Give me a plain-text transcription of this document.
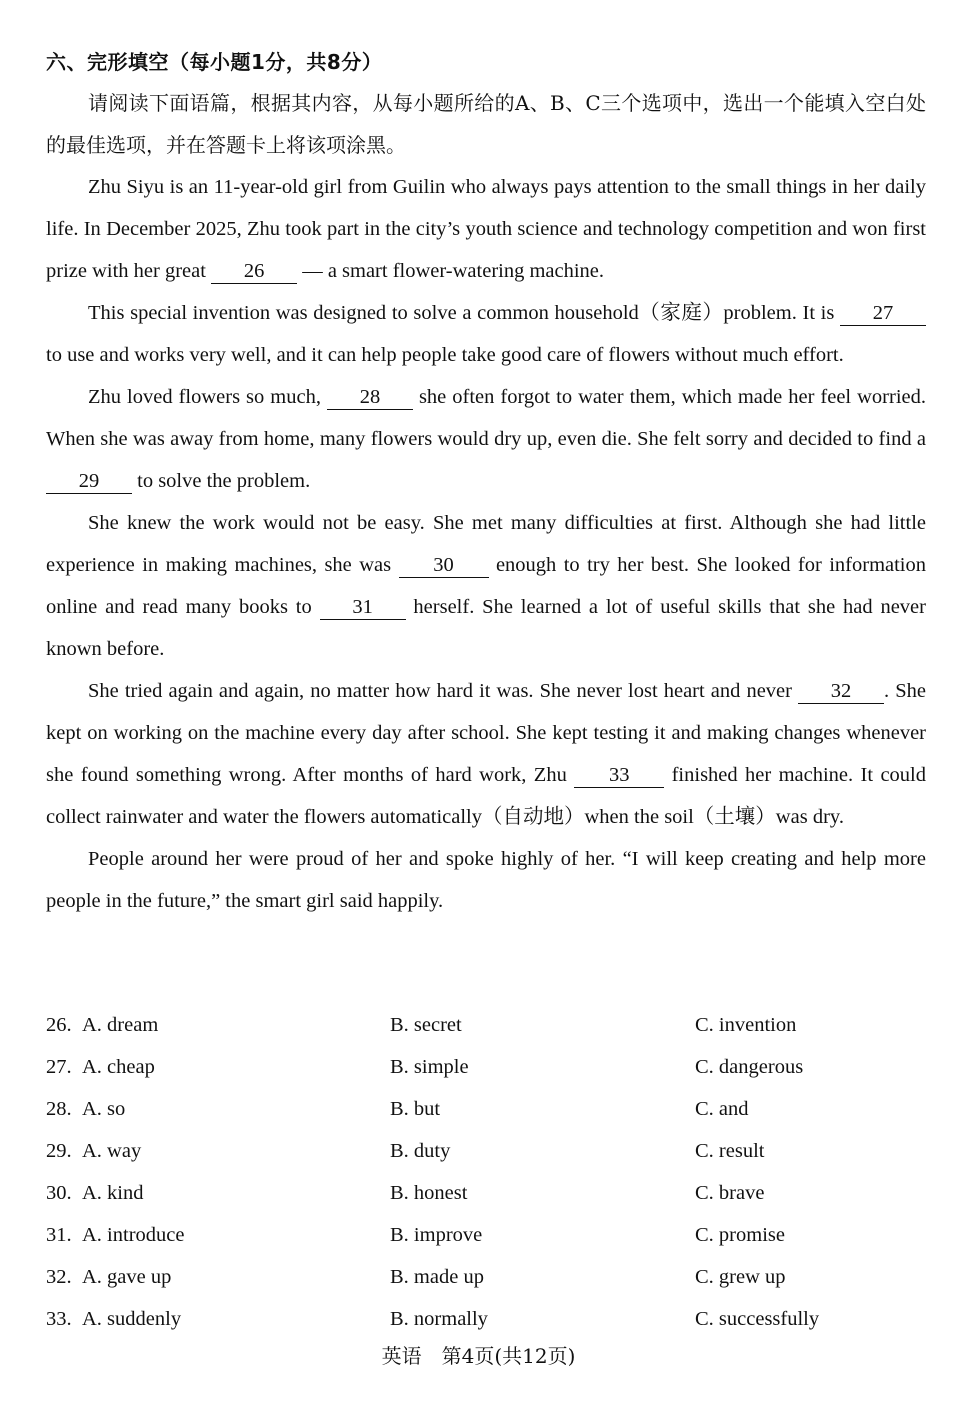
六、完形填空（每小题1分，共8分）

请阅读下面语篇，根据其内容，从每小题所给的A、B、C三个选项中，选出一个能填入空白处的最佳选项，并在答题卡上将该项涂黑。

Zhu Siyu is an 11-year-old girl from Guilin who always pays attention to the small things in her daily life. In December 2025, Zhu took part in the city’s youth science and technology competition and won first prize with her great 26 — a smart flower-watering machine.

This special invention was designed to solve a common household（家庭）problem. It is 27 to use and works very well, and it can help people take good care of flowers without much effort.

Zhu loved flowers so much, 28 she often forgot to water them, which made her feel worried. When she was away from home, many flowers would dry up, even die. She felt sorry and decided to find a 29 to solve the problem.

She knew the work would not be easy. She met many difficulties at first. Although she had little experience in making machines, she was 30 enough to try her best. She looked for information online and read many books to 31 herself. She learned a lot of useful skills that she had never known before.

She tried again and again, no matter how hard it was. She never lost heart and never 32 . She kept on working on the machine every day after school. She kept testing it and making changes whenever she found something wrong. After months of hard work, Zhu 33 finished her machine. It could collect rainwater and water the flowers automatically（自动地）when the soil（土壤）was dry.

People around her were proud of her and spoke highly of her. “I will keep creating and help more people in the future,” the smart girl said happily.

26. A. dream	B. secret	C. invention
27. A. cheap	B. simple	C. dangerous
28. A. so	B. but	C. and
29. A. way	B. duty	C. result
30. A. kind	B. honest	C. brave
31. A. introduce	B. improve	C. promise
32. A. gave up	B. made up	C. grew up
33. A. suddenly	B. normally	C. successfully
英语　第4页(共12页)
